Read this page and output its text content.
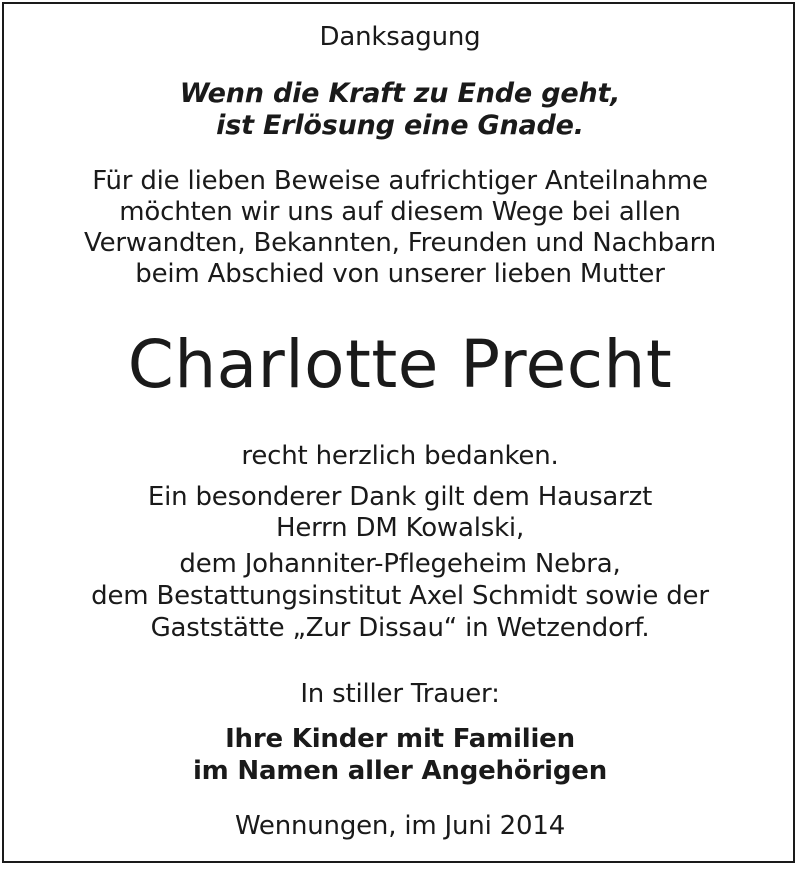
Danksagung
Wenn die Kraft zu Ende geht,
ist Erlösung eine Gnade.
Für die lieben Beweise aufrichtiger Anteilnahme
möchten wir uns auf diesem Wege bei allen
Verwandten, Bekannten, Freunden und Nachbarn
beim Abschied von unserer lieben Mutter
Charlotte Precht
recht herzlich bedanken.
Ein besonderer Dank gilt dem Hausarzt
Herrn DM Kowalski,
dem Johanniter-Pflegeheim Nebra,
dem Bestattungsinstitut Axel Schmidt sowie der
Gaststätte „Zur Dissau“ in Wetzendorf.
In stiller Trauer:
Ihre Kinder mit Familien
im Namen aller Angehörigen
Wennungen, im Juni 2014
